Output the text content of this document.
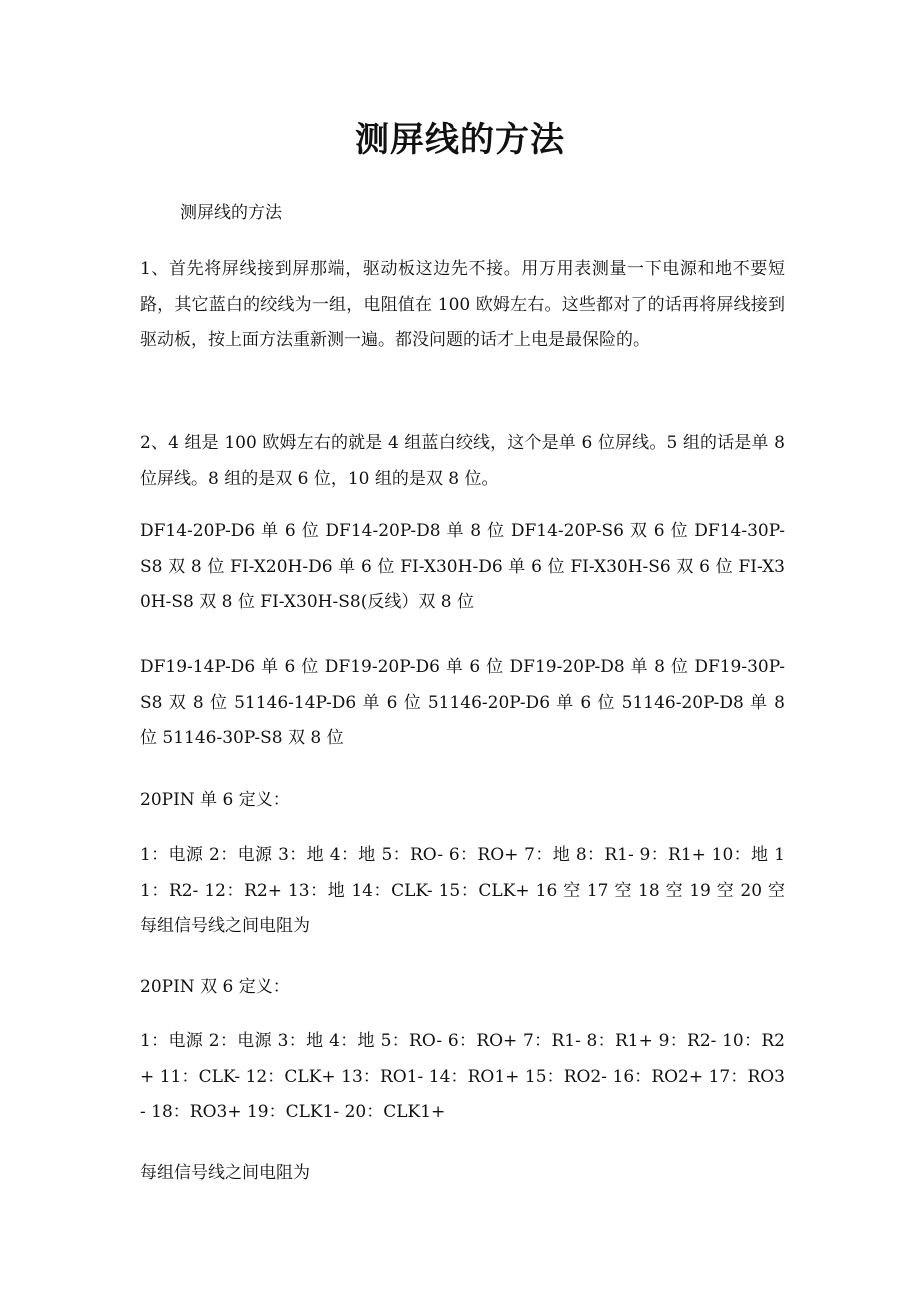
测屏线的方法

测屏线的方法

1、首先将屏线接到屏那端，驱动板这边先不接。用万用表测量一下电源和地不要短路，其它蓝白的绞线为一组，电阻值在 100 欧姆左右。这些都对了的话再将屏线接到驱动板，按上面方法重新测一遍。都没问题的话才上电是最保险的。

2、4 组是 100 欧姆左右的就是 4 组蓝白绞线，这个是单 6 位屏线。5 组的话是单 8 位屏线。8 组的是双 6 位，10 组的是双 8 位。

DF14-20P-D6 单 6 位 DF14-20P-D8 单 8 位 DF14-20P-S6 双 6 位 DF14-30P-S8 双 8 位 FI-X20H-D6 单 6 位 FI-X30H-D6 单 6 位 FI-X30H-S6 双 6 位 FI-X30H-S8 双 8 位 FI-X30H-S8(反线）双 8 位

DF19-14P-D6 单 6 位 DF19-20P-D6 单 6 位 DF19-20P-D8 单 8 位 DF19-30P-S8 双 8 位 51146-14P-D6 单 6 位 51146-20P-D6 单 6 位 51146-20P-D8 单 8 位 51146-30P-S8 双 8 位

20PIN 单 6 定义：

1：电源 2：电源 3：地 4：地 5：RO- 6：RO+ 7：地 8：R1- 9：R1+ 10：地 11：R2- 12：R2+ 13：地 14：CLK- 15：CLK+ 16 空 17 空 18 空 19 空 20 空 每组信号线之间电阻为

20PIN 双 6 定义：

1：电源 2：电源 3：地 4：地 5：RO- 6：RO+ 7：R1- 8：R1+ 9：R2- 10：R2+ 11：CLK- 12：CLK+ 13：RO1- 14：RO1+ 15：RO2- 16：RO2+ 17：RO3- 18：RO3+ 19：CLK1- 20：CLK1+

每组信号线之间电阻为
